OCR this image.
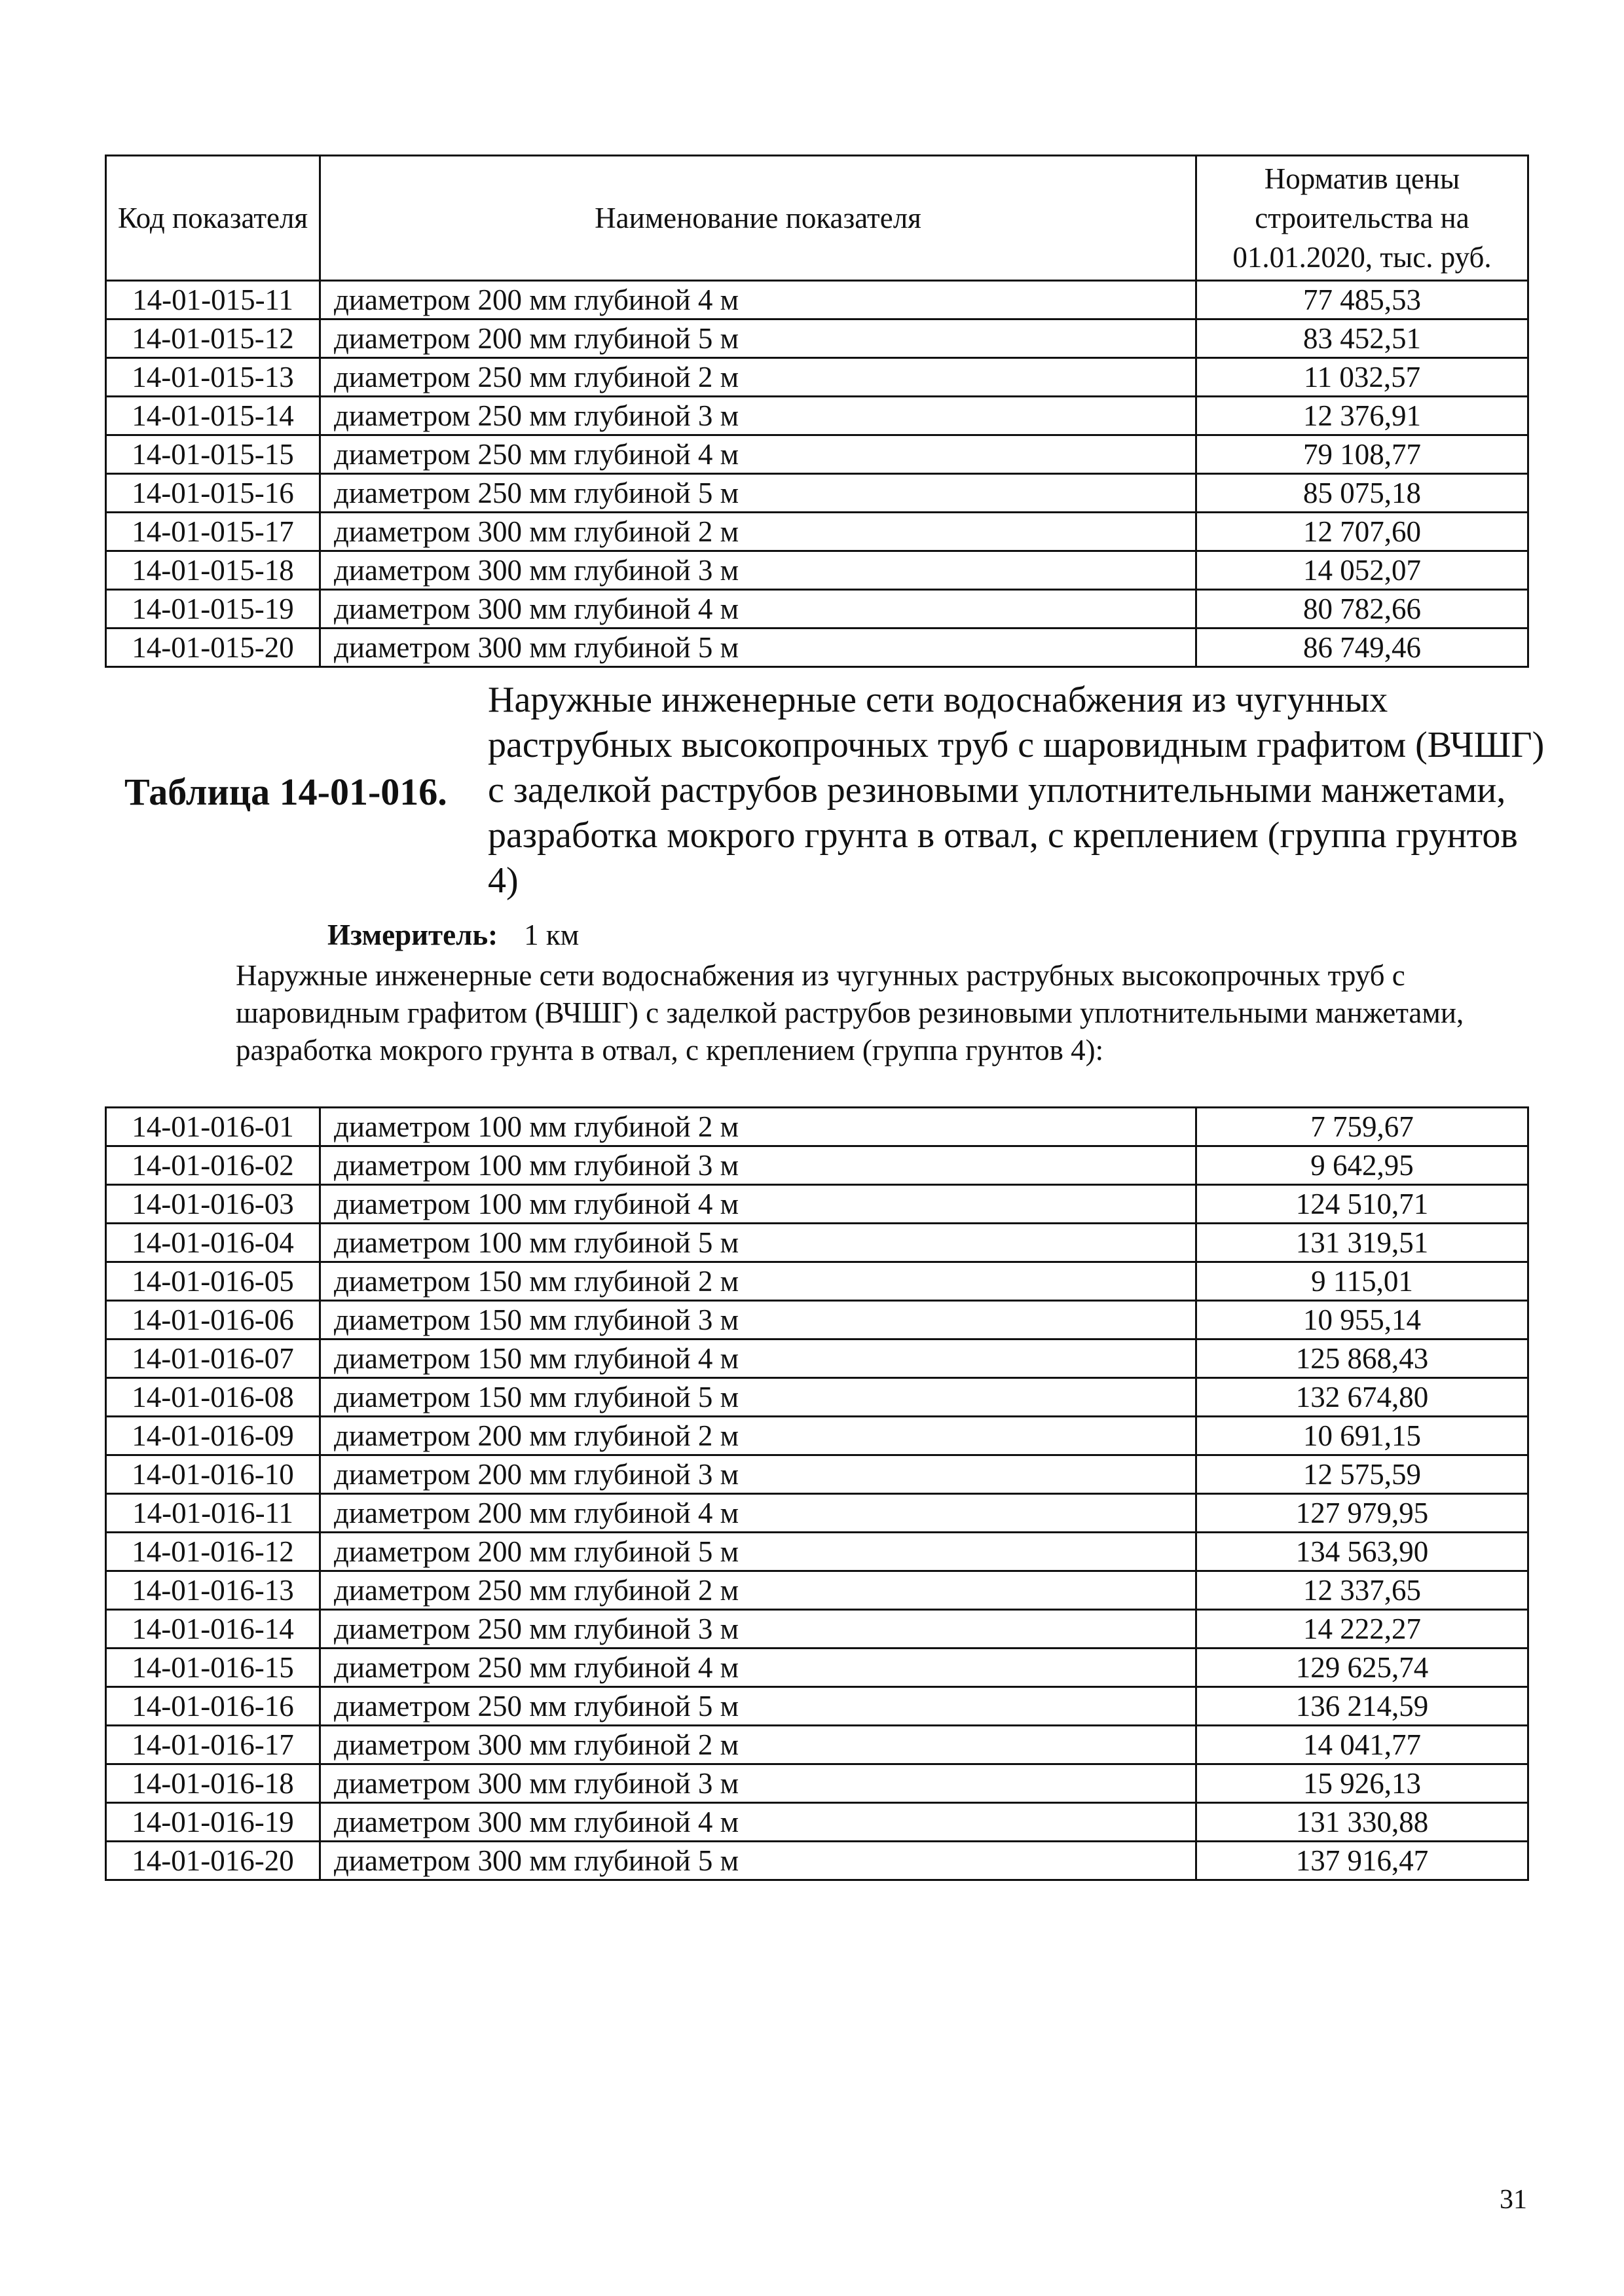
Код показателя	Наименование показателя	Норматив цены строительства на 01.01.2020, тыс. руб.
14-01-015-11	диаметром 200 мм глубиной 4 м	77 485,53
14-01-015-12	диаметром 200 мм глубиной 5 м	83 452,51
14-01-015-13	диаметром 250 мм глубиной 2 м	11 032,57
14-01-015-14	диаметром 250 мм глубиной 3 м	12 376,91
14-01-015-15	диаметром 250 мм глубиной 4 м	79 108,77
14-01-015-16	диаметром 250 мм глубиной 5 м	85 075,18
14-01-015-17	диаметром 300 мм глубиной 2 м	12 707,60
14-01-015-18	диаметром 300 мм глубиной 3 м	14 052,07
14-01-015-19	диаметром 300 мм глубиной 4 м	80 782,66
14-01-015-20	диаметром 300 мм глубиной 5 м	86 749,46
Таблица 14-01-016.
Наружные инженерные сети водоснабжения из чугунных раструбных высокопрочных труб с шаровидным графитом (ВЧШГ) с заделкой раструбов резиновыми уплотнительными манжетами, разработка мокрого грунта в отвал, с креплением (группа грунтов 4)
Измеритель: 1 км
Наружные инженерные сети водоснабжения из чугунных раструбных высокопрочных труб с шаровидным графитом (ВЧШГ) с заделкой раструбов резиновыми уплотнительными манжетами, разработка мокрого грунта в отвал, с креплением (группа грунтов 4):
14-01-016-01	диаметром 100 мм глубиной 2 м	7 759,67
14-01-016-02	диаметром 100 мм глубиной 3 м	9 642,95
14-01-016-03	диаметром 100 мм глубиной 4 м	124 510,71
14-01-016-04	диаметром 100 мм глубиной 5 м	131 319,51
14-01-016-05	диаметром 150 мм глубиной 2 м	9 115,01
14-01-016-06	диаметром 150 мм глубиной 3 м	10 955,14
14-01-016-07	диаметром 150 мм глубиной 4 м	125 868,43
14-01-016-08	диаметром 150 мм глубиной 5 м	132 674,80
14-01-016-09	диаметром 200 мм глубиной 2 м	10 691,15
14-01-016-10	диаметром 200 мм глубиной 3 м	12 575,59
14-01-016-11	диаметром 200 мм глубиной 4 м	127 979,95
14-01-016-12	диаметром 200 мм глубиной 5 м	134 563,90
14-01-016-13	диаметром 250 мм глубиной 2 м	12 337,65
14-01-016-14	диаметром 250 мм глубиной 3 м	14 222,27
14-01-016-15	диаметром 250 мм глубиной 4 м	129 625,74
14-01-016-16	диаметром 250 мм глубиной 5 м	136 214,59
14-01-016-17	диаметром 300 мм глубиной 2 м	14 041,77
14-01-016-18	диаметром 300 мм глубиной 3 м	15 926,13
14-01-016-19	диаметром 300 мм глубиной 4 м	131 330,88
14-01-016-20	диаметром 300 мм глубиной 5 м	137 916,47
31
